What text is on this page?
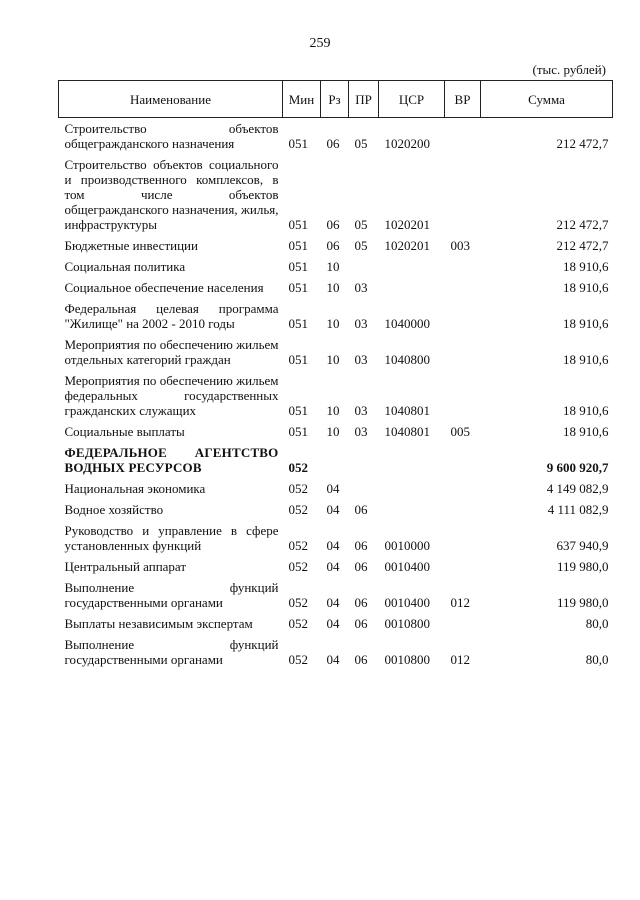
259
(тыс. рублей)
Наименование	Мин	Рз	ПР	ЦСР	ВР	Сумма
Строительство объектов общегражданского назначения	051	06	05	1020200		212 472,7
Строительство объектов социального и производственного комплексов, в том числе объектов общегражданского назначения, жилья, инфраструктуры	051	06	05	1020201		212 472,7
Бюджетные инвестиции	051	06	05	1020201	003	212 472,7
Социальная политика	051	10				18 910,6
Социальное обеспечение населения	051	10	03			18 910,6
Федеральная целевая программа "Жилище" на 2002 - 2010 годы	051	10	03	1040000		18 910,6
Мероприятия по обеспечению жильем отдельных категорий граждан	051	10	03	1040800		18 910,6
Мероприятия по обеспечению жильем федеральных государственных гражданских служащих	051	10	03	1040801		18 910,6
Социальные выплаты	051	10	03	1040801	005	18 910,6
ФЕДЕРАЛЬНОЕ АГЕНТСТВО ВОДНЫХ РЕСУРСОВ	052					9 600 920,7
Национальная экономика	052	04				4 149 082,9
Водное хозяйство	052	04	06			4 111 082,9
Руководство и управление в сфере установленных функций	052	04	06	0010000		637 940,9
Центральный аппарат	052	04	06	0010400		119 980,0
Выполнение функций государственными органами	052	04	06	0010400	012	119 980,0
Выплаты независимым экспертам	052	04	06	0010800		80,0
Выполнение функций государственными органами	052	04	06	0010800	012	80,0
